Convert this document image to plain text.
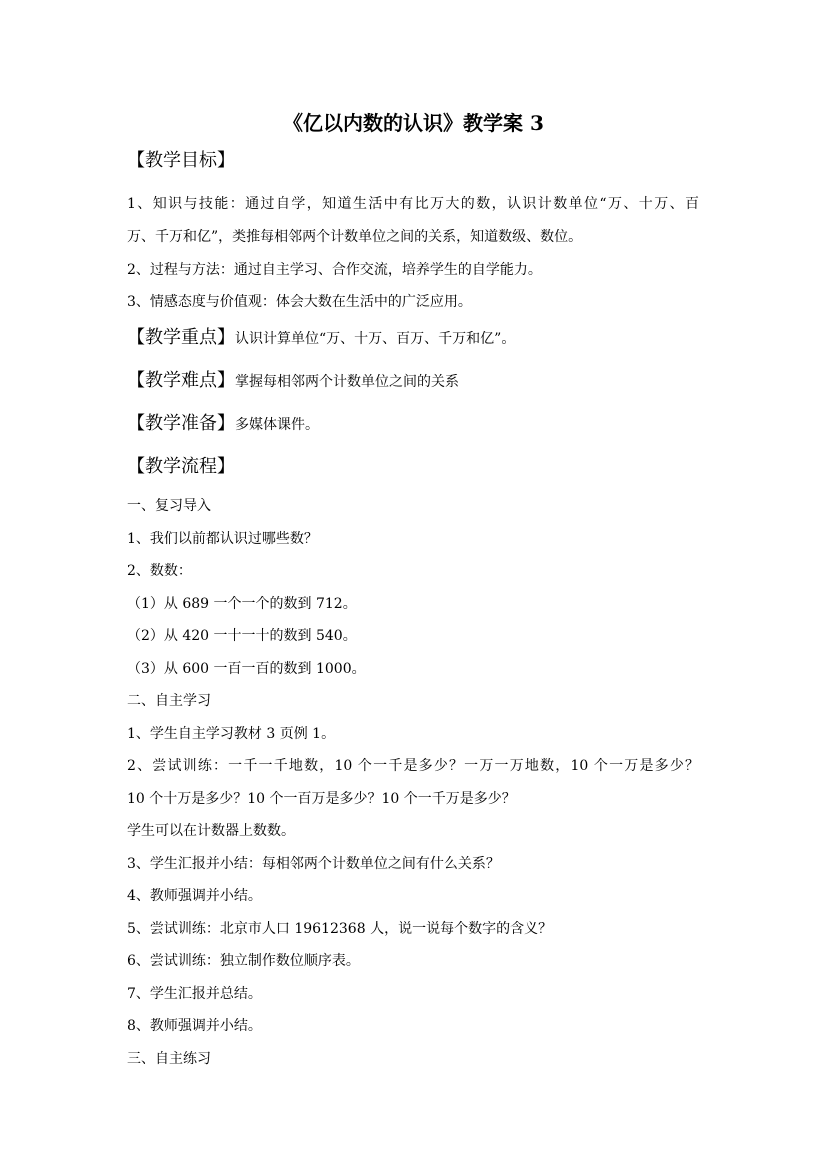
《亿以内数的认识》教学案 3
【教学目标】
1、知识与技能：通过自学，知道生活中有比万大的数，认识计数单位“万、十万、百
万、千万和亿”，类推每相邻两个计数单位之间的关系，知道数级、数位。
2、过程与方法：通过自主学习、合作交流，培养学生的自学能力。
3、情感态度与价值观：体会大数在生活中的广泛应用。
【教学重点】认识计算单位“万、十万、百万、千万和亿”。
【教学难点】掌握每相邻两个计数单位之间的关系
【教学准备】多媒体课件。
【教学流程】
一、复习导入
1、我们以前都认识过哪些数？
2、数数：
（1）从 689 一个一个的数到 712。
（2）从 420 一十一十的数到 540。
（3）从 600 一百一百的数到 1000。
二、自主学习
1、学生自主学习教材 3 页例 1。
2、尝试训练：一千一千地数，10 个一千是多少？一万一万地数，10 个一万是多少？
10 个十万是多少？10 个一百万是多少？10 个一千万是多少？
学生可以在计数器上数数。
3、学生汇报并小结：每相邻两个计数单位之间有什么关系？
4、教师强调并小结。
5、尝试训练：北京市人口 19612368 人，说一说每个数字的含义？
6、尝试训练：独立制作数位顺序表。
7、学生汇报并总结。
8、教师强调并小结。
三、自主练习
